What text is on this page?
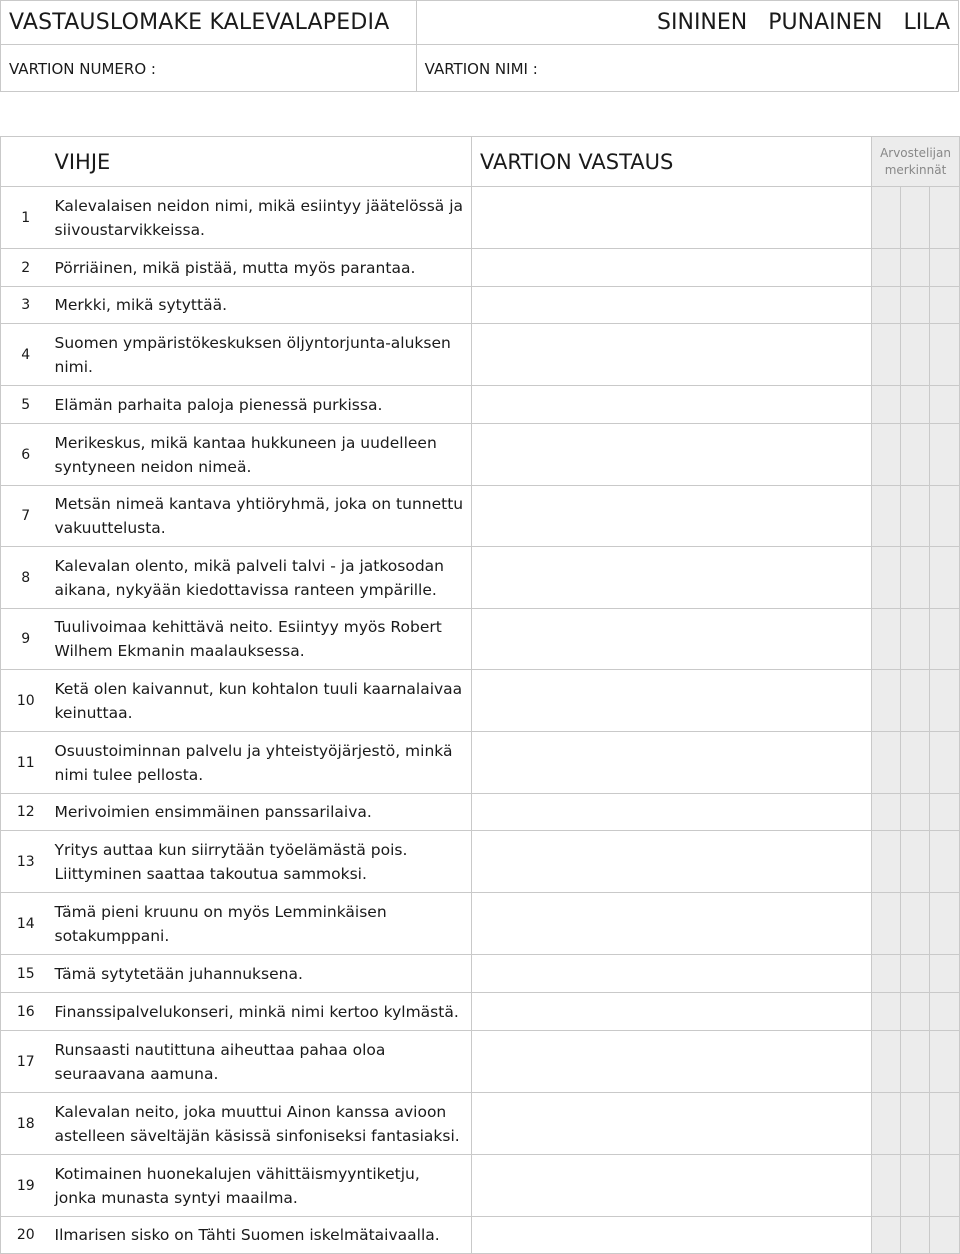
VASTAUSLOMAKE KALEVALAPEDIA	SININEN PUNAINEN LILA
VARTION NUMERO :	VARTION NIMI :
	VIHJE	VARTION VASTAUS	Arvostelijan merkinnät		
1	Kalevalaisen neidon nimi, mikä esiintyy jäätelössä ja siivoustarvikkeissa.				
2	Pörriäinen, mikä pistää, mutta myös parantaa.				
3	Merkki, mikä sytyttää.				
4	Suomen ympäristökeskuksen öljyntorjunta-aluksen nimi.				
5	Elämän parhaita paloja pienessä purkissa.				
6	Merikeskus, mikä kantaa hukkuneen ja uudelleen syntyneen neidon nimeä.				
7	Metsän nimeä kantava yhtiöryhmä, joka on tunnettu vakuuttelusta.				
8	Kalevalan olento, mikä palveli talvi - ja jatkosodan aikana, nykyään kiedottavissa ranteen ympärille.				
9	Tuulivoimaa kehittävä neito. Esiintyy myös Robert Wilhem Ekmanin maalauksessa.				
10	Ketä olen kaivannut, kun kohtalon tuuli kaarnalaivaa keinuttaa.				
11	Osuustoiminnan palvelu ja yhteistyöjärjestö, minkä nimi tulee pellosta.				
12	Merivoimien ensimmäinen panssarilaiva.				
13	Yritys auttaa kun siirrytään työelämästä pois. Liittyminen saattaa takoutua sammoksi.				
14	Tämä pieni kruunu on myös Lemminkäisen sotakumppani.				
15	Tämä sytytetään juhannuksena.				
16	Finanssipalvelukonseri, minkä nimi kertoo kylmästä.				
17	Runsaasti nautittuna aiheuttaa pahaa oloa seuraavana aamuna.				
18	Kalevalan neito, joka muuttui Ainon kanssa avioon astelleen säveltäjän käsissä sinfoniseksi fantasiaksi.				
19	Kotimainen huonekalujen vähittäismyyntiketju, jonka munasta syntyi maailma.				
20	Ilmarisen sisko on Tähti Suomen iskelmätaivaalla.				
